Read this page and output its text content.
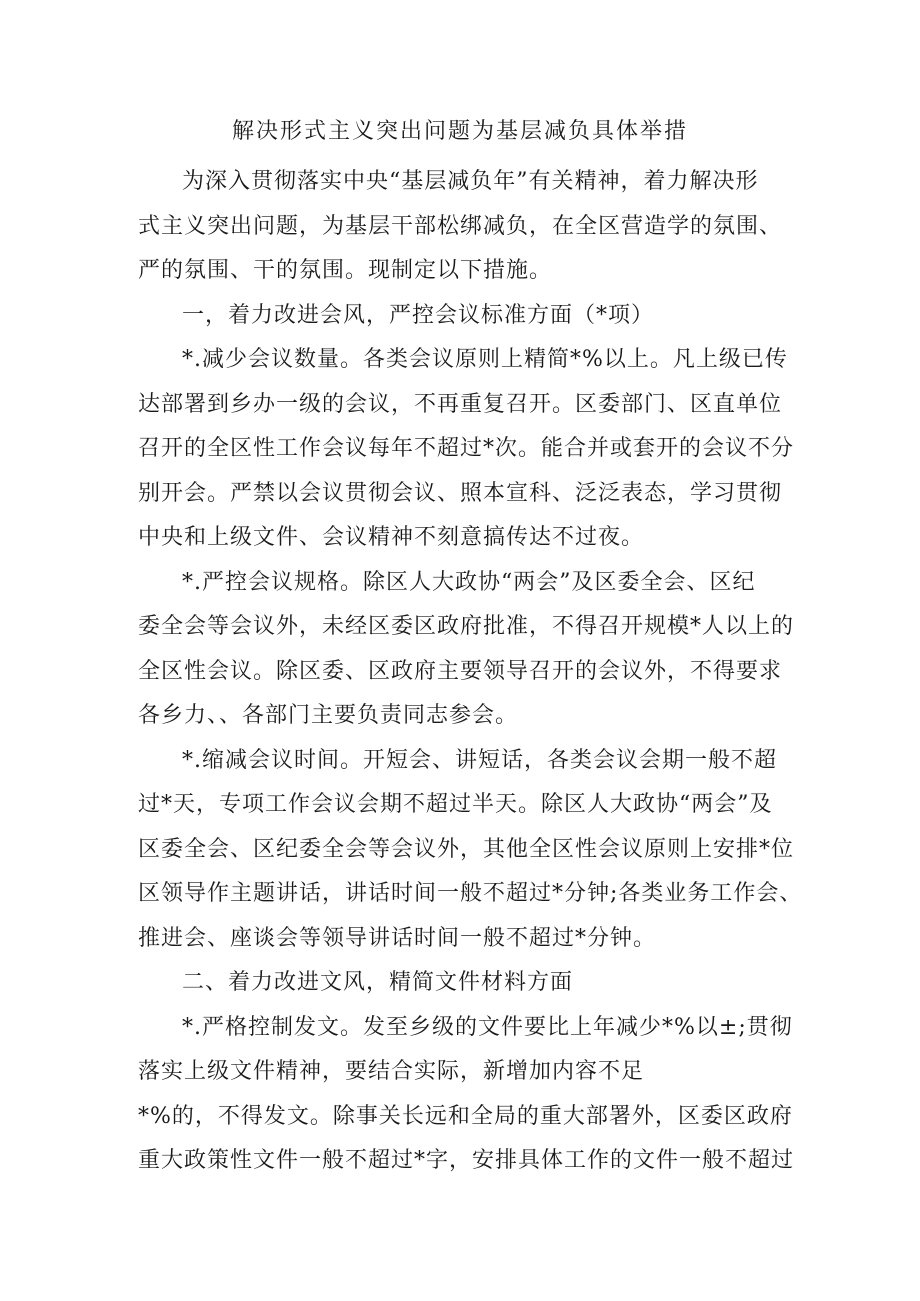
解决形式主义突出问题为基层减负具体举措

为深入贯彻落实中央“基层减负年”有关精神，着力解决形
式主义突出问题，为基层干部松绑减负，在全区营造学的氛围、
严的氛围、干的氛围。现制定以下措施。

一，着力改进会风，严控会议标准方面（*项）

*.减少会议数量。各类会议原则上精简*%以上。凡上级已传
达部署到乡办一级的会议，不再重复召开。区委部门、区直单位
召开的全区性工作会议每年不超过*次。能合并或套开的会议不分
别开会。严禁以会议贯彻会议、照本宣科、泛泛表态，学习贯彻
中央和上级文件、会议精神不刻意搞传达不过夜。

*.严控会议规格。除区人大政协“两会”及区委全会、区纪
委全会等会议外，未经区委区政府批准，不得召开规模*人以上的
全区性会议。除区委、区政府主要领导召开的会议外，不得要求
各乡力、、各部门主要负责同志参会。

*.缩减会议时间。开短会、讲短话，各类会议会期一般不超
过*天，专项工作会议会期不超过半天。除区人大政协“两会”及
区委全会、区纪委全会等会议外，其他全区性会议原则上安排*位
区领导作主题讲话，讲话时间一般不超过*分钟;各类业务工作会、
推进会、座谈会等领导讲话时间一般不超过*分钟。

二、着力改进文风，精简文件材料方面

*.严格控制发文。发至乡级的文件要比上年减少*%以±;贯彻
落实上级文件精神，要结合实际，新增加内容不足
*%的，不得发文。除事关长远和全局的重大部署外，区委区政府
重大政策性文件一般不超过*字，安排具体工作的文件一般不超过
